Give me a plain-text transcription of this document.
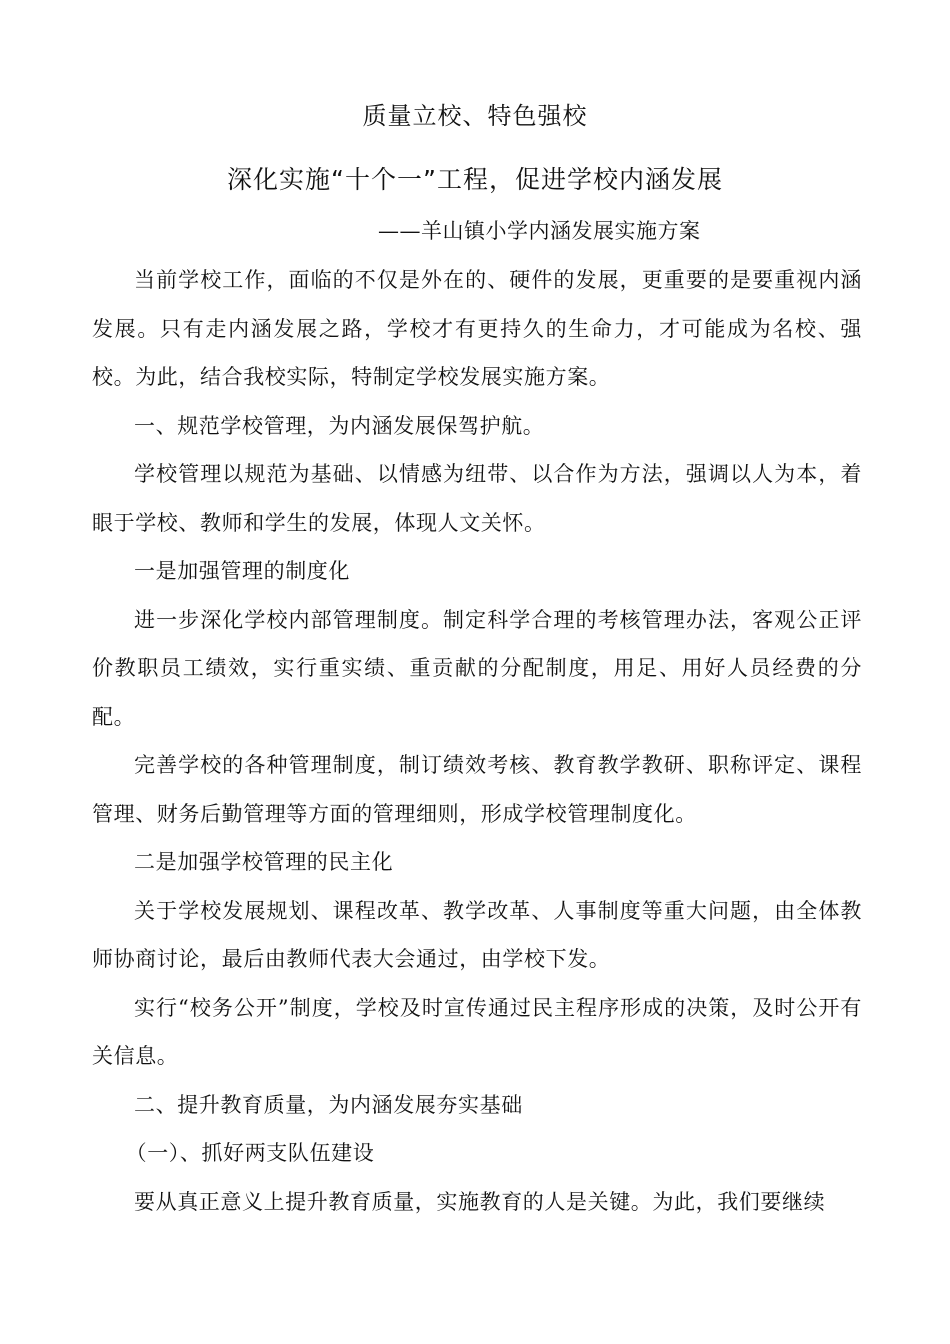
质量立校、特色强校
深化实施“十个一”工程，促进学校内涵发展
——羊山镇小学内涵发展实施方案

当前学校工作，面临的不仅是外在的、硬件的发展，更重要的是要重视内涵发展。只有走内涵发展之路，学校才有更持久的生命力，才可能成为名校、强校。为此，结合我校实际，特制定学校发展实施方案。

一、规范学校管理，为内涵发展保驾护航。

学校管理以规范为基础、以情感为纽带、以合作为方法，强调以人为本，着眼于学校、教师和学生的发展，体现人文关怀。

一是加强管理的制度化

进一步深化学校内部管理制度。制定科学合理的考核管理办法，客观公正评价教职员工绩效，实行重实绩、重贡献的分配制度，用足、用好人员经费的分配。

完善学校的各种管理制度，制订绩效考核、教育教学教研、职称评定、课程管理、财务后勤管理等方面的管理细则，形成学校管理制度化。

二是加强学校管理的民主化

关于学校发展规划、课程改革、教学改革、人事制度等重大问题，由全体教师协商讨论，最后由教师代表大会通过，由学校下发。

实行“校务公开”制度，学校及时宣传通过民主程序形成的决策，及时公开有关信息。

二、提升教育质量，为内涵发展夯实基础

（一）、抓好两支队伍建设

要从真正意义上提升教育质量，实施教育的人是关键。为此，我们要继续
